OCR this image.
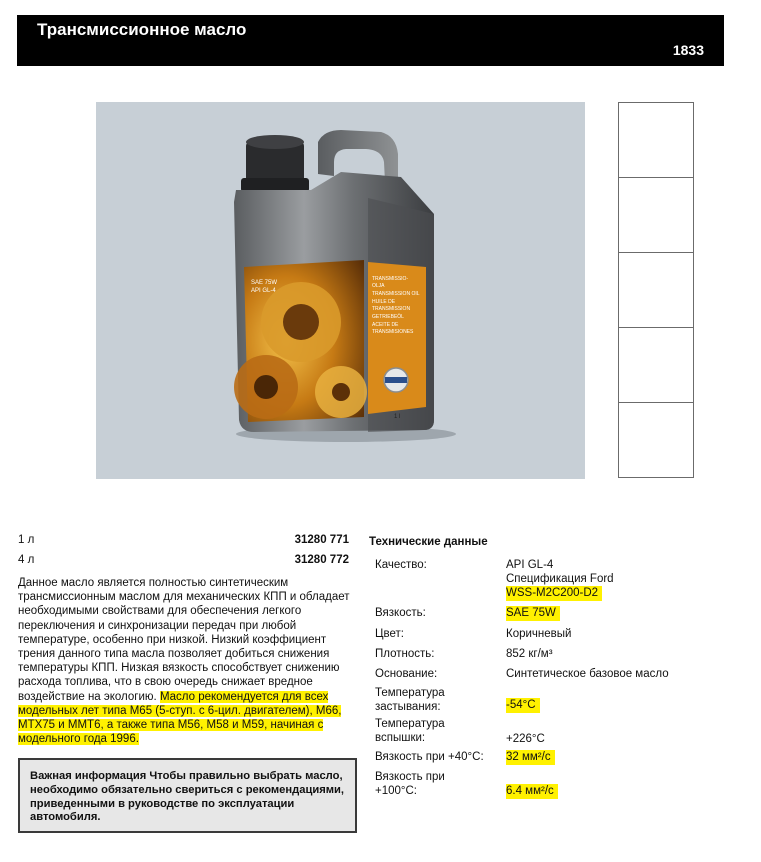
Трансмиссионное масло
1833
SAE 75W
API GL-4
TRANSMISSIO-
OLJA
TRANSMISSION OIL
HUILE DE
TRANSMISSION
GETRIEBEÖL
ACEITE DE
TRANSMISIONES
1 l
1 л	31280 771
4 л	31280 772
Данное масло является полностью синтетическим трансмиссионным маслом для механических КПП и обладает необходимыми свойствами для обеспечения легкого переключения и синхронизации передач при любой температуре, особенно при низкой. Низкий коэффициент трения данного типа масла позволяет добиться снижения температуры КПП. Низкая вязкость способствует снижению расхода топлива, что в свою очередь снижает вредное воздействие на экологию. Масло рекомендуется для всех модельных лет типа M65 (5-ступ. с 6-цил. двигателем), M66, MTX75 и MMT6, а также типа M56, M58 и M59, начиная с модельного года 1996.
Важная информация Чтобы правильно выбрать масло, необходимо обязательно свериться с рекомендациями, приведенными в руководстве по эксплуатации автомобиля.
Технические данные
Качество:	API GL-4
Спецификация Ford
WSS-M2C200-D2
Вязкость:	SAE 75W
Цвет:	Коричневый
Плотность:	852 кг/м³
Основание:	Синтетическое базовое масло
Температура застывания:	-54°C
Температура вспышки:	+226°C
Вязкость при +40°C:	32 мм²/с
Вязкость при +100°C:	6.4 мм²/с
